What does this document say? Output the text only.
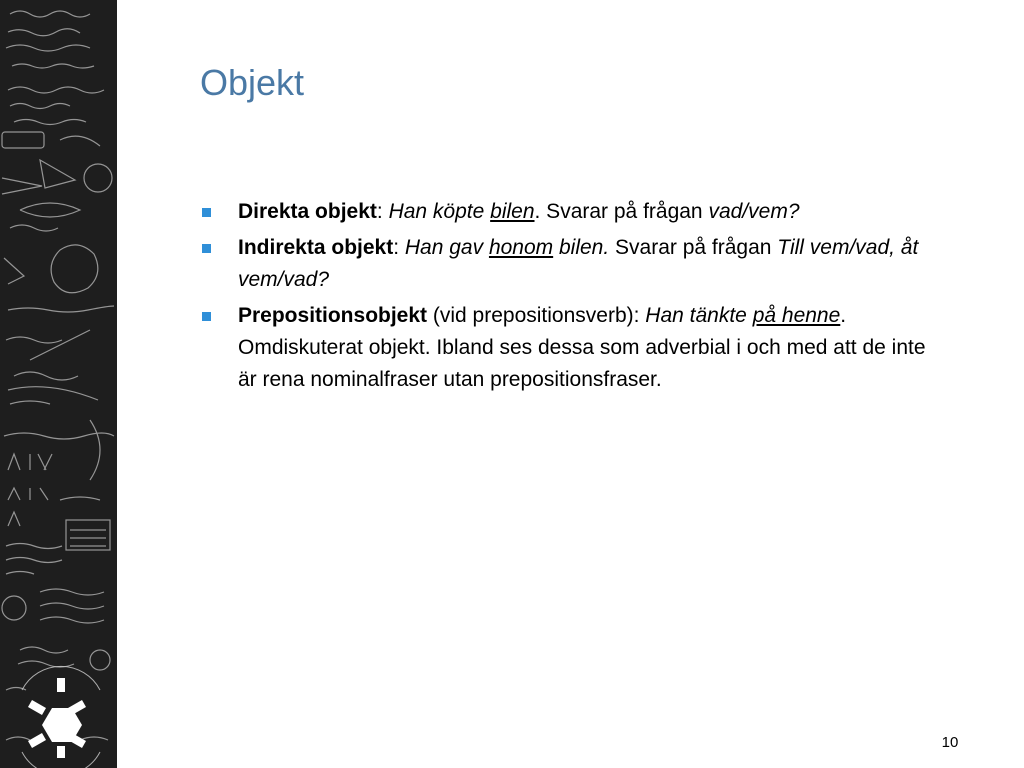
Objekt
Direkta objekt: Han köpte bilen. Svarar på frågan vad/vem?
Indirekta objekt: Han gav honom bilen. Svarar på frågan Till vem/vad, åt vem/vad?
Prepositionsobjekt (vid prepositionsverb): Han tänkte på henne. Omdiskuterat objekt. Ibland ses dessa som adverbial i och med att de inte är rena nominalfraser utan prepositionsfraser.
10
